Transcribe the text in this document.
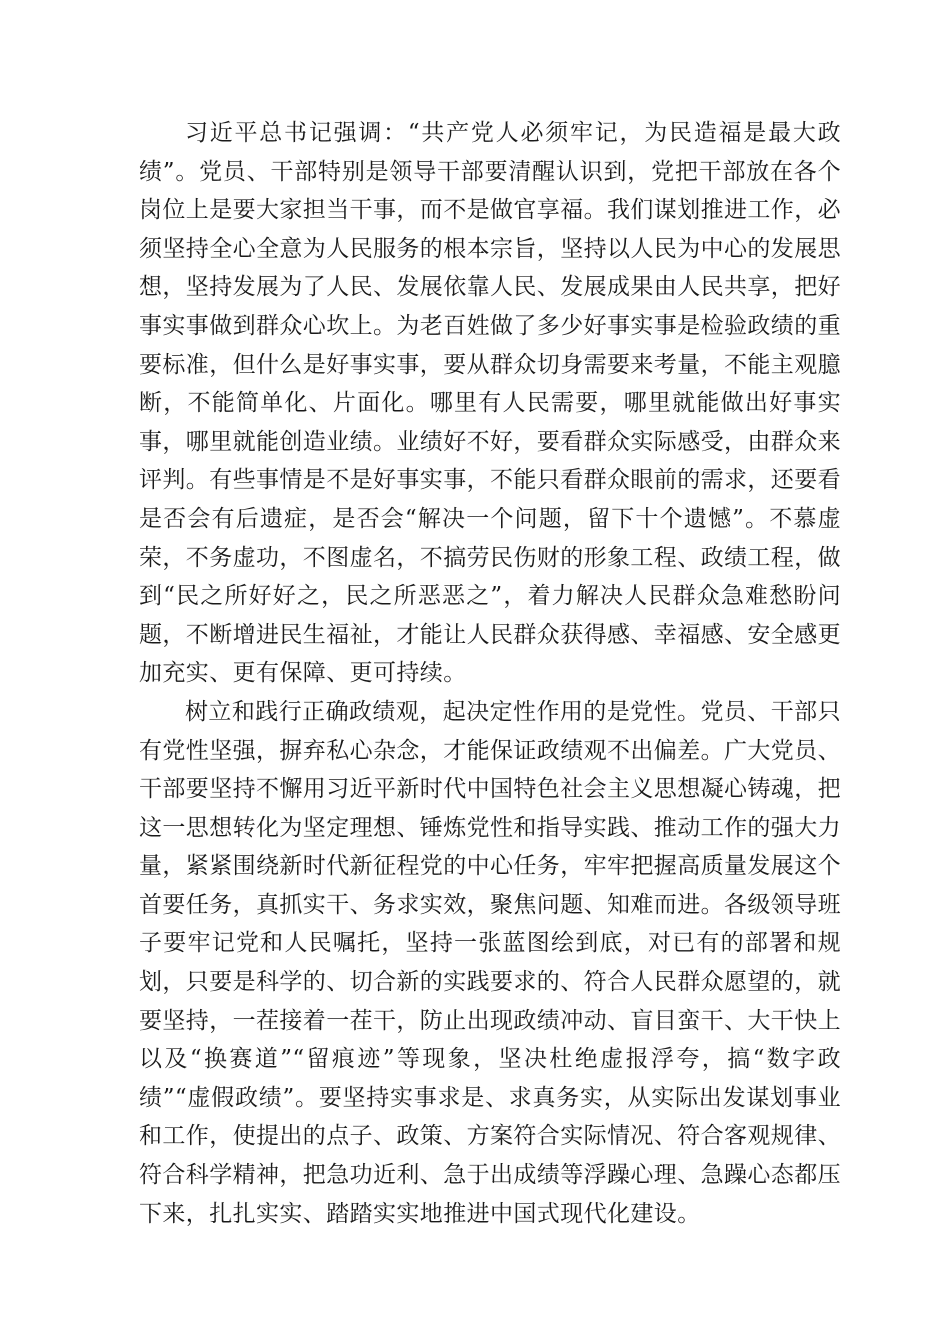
习近平总书记强调：“共产党人必须牢记，为民造福是最大政绩”。党员、干部特别是领导干部要清醒认识到，党把干部放在各个岗位上是要大家担当干事，而不是做官享福。我们谋划推进工作，必须坚持全心全意为人民服务的根本宗旨，坚持以人民为中心的发展思想，坚持发展为了人民、发展依靠人民、发展成果由人民共享，把好事实事做到群众心坎上。为老百姓做了多少好事实事是检验政绩的重要标准，但什么是好事实事，要从群众切身需要来考量，不能主观臆断，不能简单化、片面化。哪里有人民需要，哪里就能做出好事实事，哪里就能创造业绩。业绩好不好，要看群众实际感受，由群众来评判。有些事情是不是好事实事，不能只看群众眼前的需求，还要看是否会有后遗症，是否会“解决一个问题，留下十个遗憾”。不慕虚荣，不务虚功，不图虚名，不搞劳民伤财的形象工程、政绩工程，做到“民之所好好之，民之所恶恶之”，着力解决人民群众急难愁盼问题，不断增进民生福祉，才能让人民群众获得感、幸福感、安全感更加充实、更有保障、更可持续。

树立和践行正确政绩观，起决定性作用的是党性。党员、干部只有党性坚强，摒弃私心杂念，才能保证政绩观不出偏差。广大党员、干部要坚持不懈用习近平新时代中国特色社会主义思想凝心铸魂，把这一思想转化为坚定理想、锤炼党性和指导实践、推动工作的强大力量，紧紧围绕新时代新征程党的中心任务，牢牢把握高质量发展这个首要任务，真抓实干、务求实效，聚焦问题、知难而进。各级领导班子要牢记党和人民嘱托，坚持一张蓝图绘到底，对已有的部署和规划，只要是科学的、切合新的实践要求的、符合人民群众愿望的，就要坚持，一茬接着一茬干，防止出现政绩冲动、盲目蛮干、大干快上以及“换赛道”“留痕迹”等现象，坚决杜绝虚报浮夸，搞“数字政绩”“虚假政绩”。要坚持实事求是、求真务实，从实际出发谋划事业和工作，使提出的点子、政策、方案符合实际情况、符合客观规律、符合科学精神，把急功近利、急于出成绩等浮躁心理、急躁心态都压下来，扎扎实实、踏踏实实地推进中国式现代化建设。
